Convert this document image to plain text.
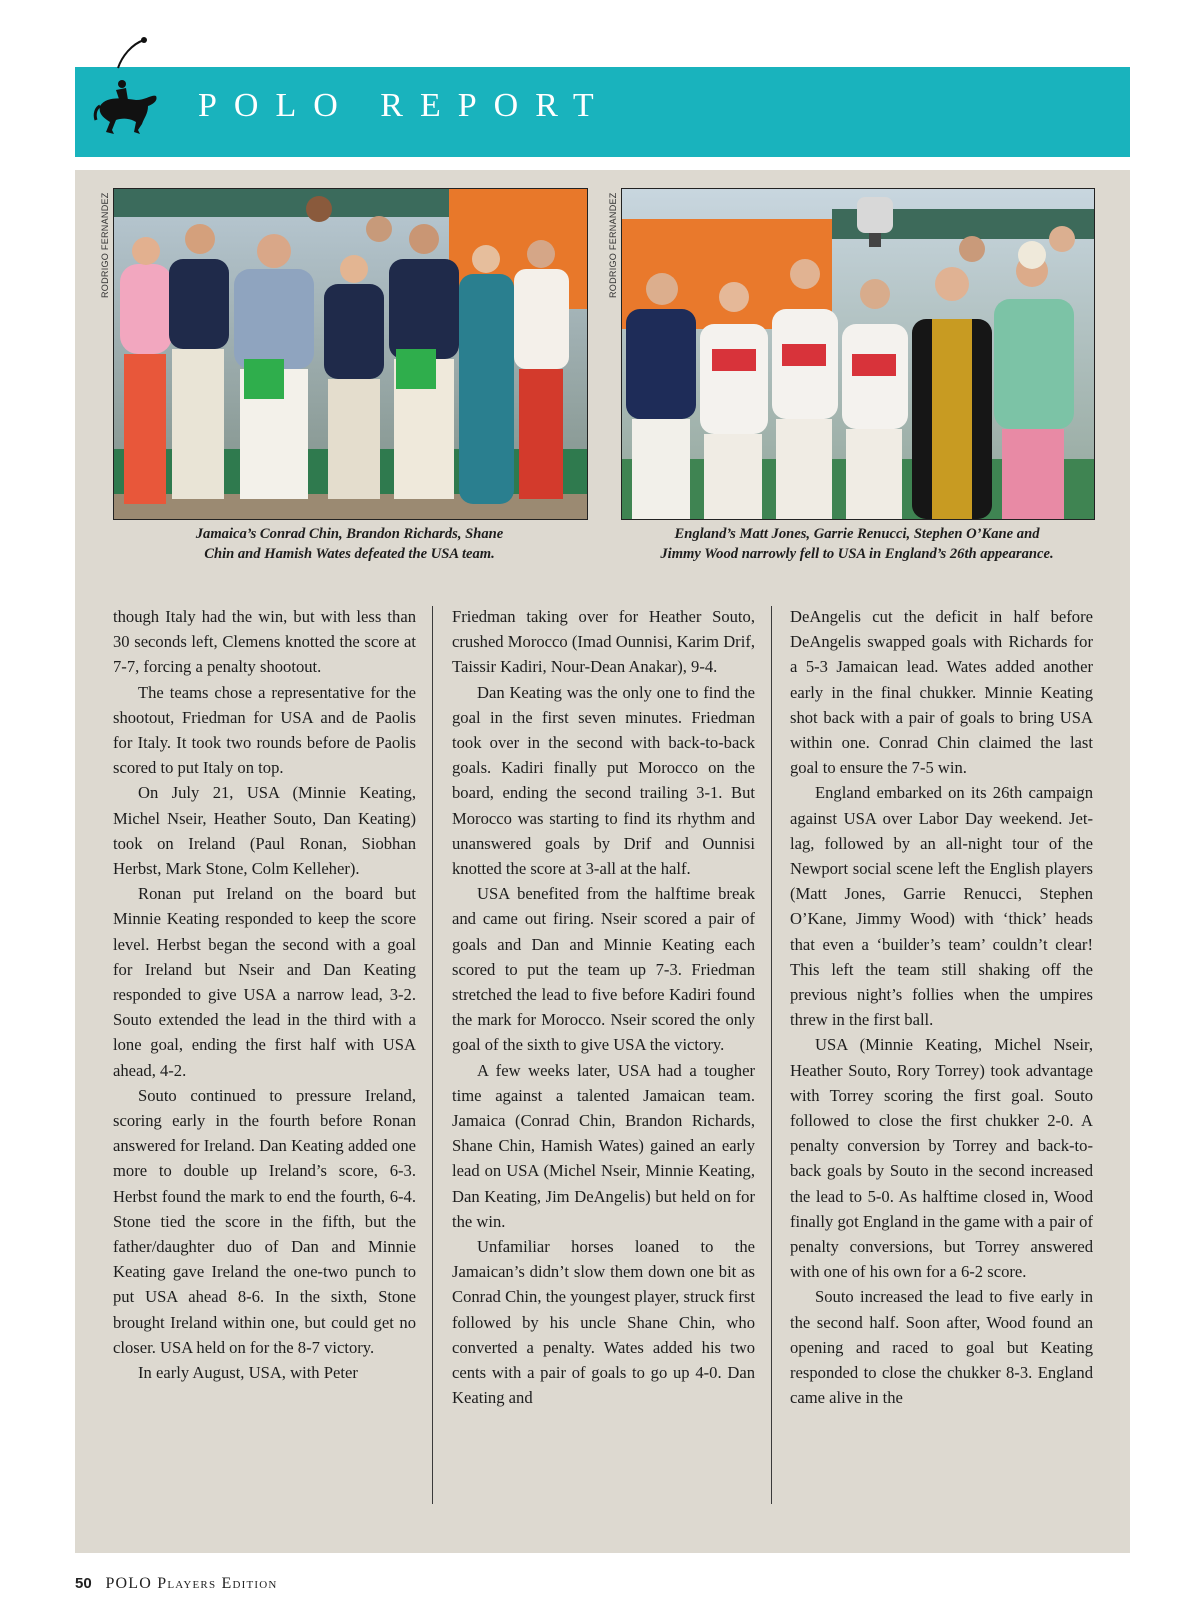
POLO REPORT
RODRIGO FERNANDEZ
Jamaica’s Conrad Chin, Brandon Richards, Shane
Chin and Hamish Wates defeated the USA team.
RODRIGO FERNANDEZ
England’s Matt Jones, Garrie Renucci, Stephen O’Kane and
Jimmy Wood narrowly fell to USA in England’s 26th appearance.

though Italy had the win, but with less than 30 seconds left, Clemens knotted the score at 7-7, forcing a penalty shootout.

The teams chose a representative for the shootout, Friedman for USA and de Paolis for Italy. It took two rounds before de Paolis scored to put Italy on top.

On July 21, USA (Minnie Keating, Michel Nseir, Heather Souto, Dan Keating) took on Ireland (Paul Ronan, Siobhan Herbst, Mark Stone, Colm Kelleher).

Ronan put Ireland on the board but Minnie Keating responded to keep the score level. Herbst began the second with a goal for Ireland but Nseir and Dan Keating responded to give USA a narrow lead, 3-2. Souto extended the lead in the third with a lone goal, ending the first half with USA ahead, 4-2.

Souto continued to pressure Ireland, scoring early in the fourth before Ronan answered for Ireland. Dan Keating added one more to double up Ireland’s score, 6-3. Herbst found the mark to end the fourth, 6-4. Stone tied the score in the fifth, but the father/daughter duo of Dan and Minnie Keating gave Ireland the one-two punch to put USA ahead 8-6. In the sixth, Stone brought Ireland within one, but could get no closer. USA held on for the 8-7 victory.

In early August, USA, with Peter

Friedman taking over for Heather Souto, crushed Morocco (Imad Ounnisi, Karim Drif, Taissir Kadiri, Nour-Dean Anakar), 9-4.

Dan Keating was the only one to find the goal in the first seven minutes. Friedman took over in the second with back-to-back goals. Kadiri finally put Morocco on the board, ending the second trailing 3-1. But Morocco was starting to find its rhythm and unanswered goals by Drif and Ounnisi knotted the score at 3-all at the half.

USA benefited from the halftime break and came out firing. Nseir scored a pair of goals and Dan and Minnie Keating each scored to put the team up 7-3. Friedman stretched the lead to five before Kadiri found the mark for Morocco. Nseir scored the only goal of the sixth to give USA the victory.

A few weeks later, USA had a tougher time against a talented Jamaican team. Jamaica (Conrad Chin, Brandon Richards, Shane Chin, Hamish Wates) gained an early lead on USA (Michel Nseir, Minnie Keating, Dan Keating, Jim DeAngelis) but held on for the win.

Unfamiliar horses loaned to the Jamaican’s didn’t slow them down one bit as Conrad Chin, the youngest player, struck first followed by his uncle Shane Chin, who converted a penalty. Wates added his two cents with a pair of goals to go up 4-0. Dan Keating and

DeAngelis cut the deficit in half before DeAngelis swapped goals with Richards for a 5-3 Jamaican lead. Wates added another early in the final chukker. Minnie Keating shot back with a pair of goals to bring USA within one. Conrad Chin claimed the last goal to ensure the 7-5 win.

England embarked on its 26th campaign against USA over Labor Day weekend. Jet-lag, followed by an all-night tour of the Newport social scene left the English players (Matt Jones, Garrie Renucci, Stephen O’Kane, Jimmy Wood) with ‘thick’ heads that even a ‘builder’s team’ couldn’t clear! This left the team still shaking off the previous night’s follies when the umpires threw in the first ball.

USA (Minnie Keating, Michel Nseir, Heather Souto, Rory Torrey) took advantage with Torrey scoring the first goal. Souto followed to close the first chukker 2-0. A penalty conversion by Torrey and back-to-back goals by Souto in the second increased the lead to 5-0. As halftime closed in, Wood finally got England in the game with a pair of penalty conversions, but Torrey answered with one of his own for a 6-2 score.

Souto increased the lead to five early in the second half. Soon after, Wood found an opening and raced to goal but Keating responded to close the chukker 8-3. England came alive in the

50 POLO Players Edition
